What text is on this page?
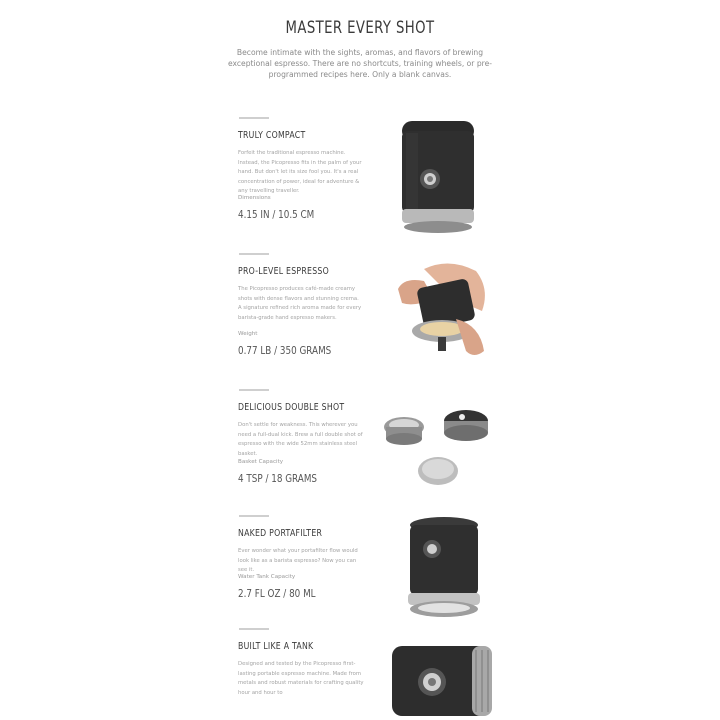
MASTER EVERY SHOT

Become intimate with the sights, aromas, and flavors of brewing exceptional espresso. There are no shortcuts, training wheels, or pre-programmed recipes here. Only a blank canvas.

TRULY COMPACT
Forfeit the traditional espresso machine. Instead, the Picopresso fits in the palm of your hand. But don't let its size fool you. It's a real concentration of power, ideal for adventure & any travelling traveller.
Dimensions
4.15 IN / 10.5 CM
PRO-LEVEL ESPRESSO
The Picopresso produces café-made creamy shots with dense flavors and stunning crema. A signature refined rich aroma made for every barista-grade hand espresso makers.
Weight
0.77 LB / 350 GRAMS
DELICIOUS DOUBLE SHOT
Don't settle for weakness. This wherever you need a full-dual kick. Brew a full double shot of espresso with the wide 52mm stainless steel basket.
Basket Capacity
4 TSP / 18 GRAMS
NAKED PORTAFILTER
Ever wonder what your portafilter flow would look like as a barista espresso? Now you can see it.
Water Tank Capacity
2.7 FL OZ / 80 ML
BUILT LIKE A TANK
Designed and tested by the Picopresso first-lasting portable espresso machine. Made from metals and robust materials for crafting quality hour and hour to
